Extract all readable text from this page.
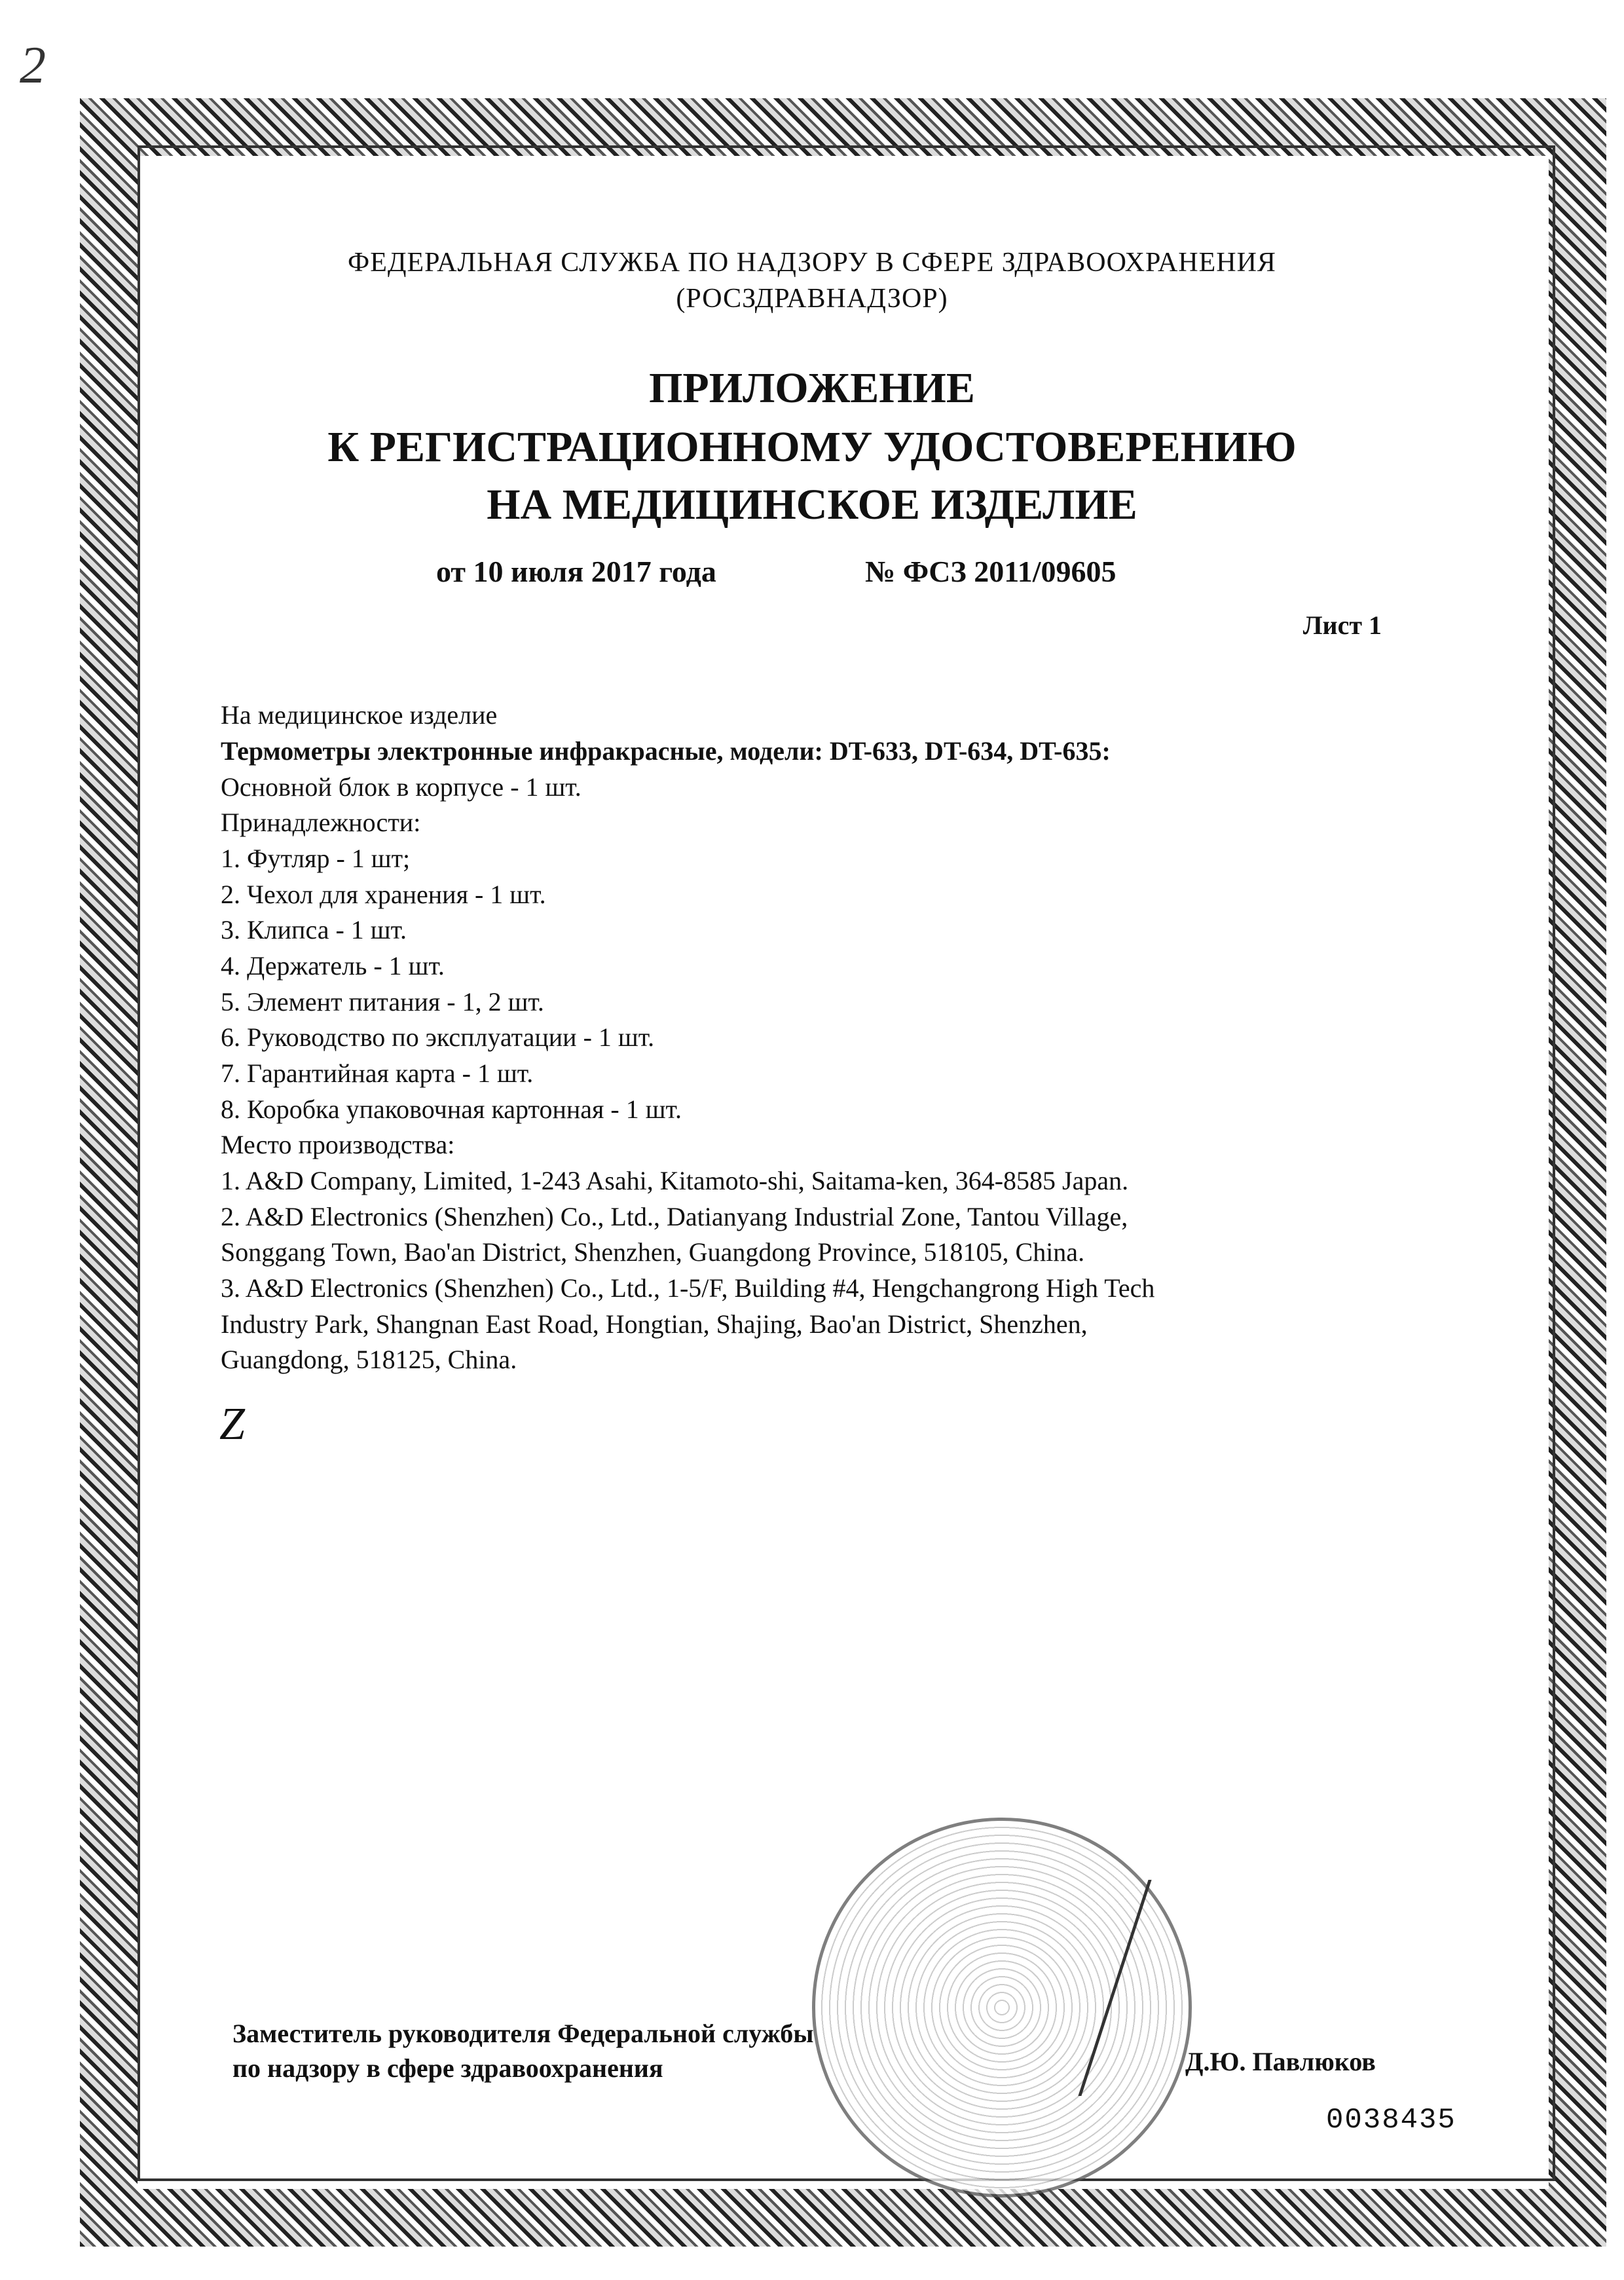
2
ФЕДЕРАЛЬНАЯ СЛУЖБА ПО НАДЗОРУ В СФЕРЕ ЗДРАВООХРАНЕНИЯ
(РОСЗДРАВНАДЗОР)
ПРИЛОЖЕНИЕ
К РЕГИСТРАЦИОННОМУ УДОСТОВЕРЕНИЮ
НА МЕДИЦИНСКОЕ ИЗДЕЛИЕ
от 10 июля 2017 года	№ ФСЗ 2011/09605
Лист 1
На медицинское изделие
Термометры электронные инфракрасные, модели: DT-633, DT-634, DT-635:
Основной блок в корпусе - 1 шт.
Принадлежности:
1. Футляр - 1 шт;
2. Чехол для хранения - 1 шт.
3. Клипса - 1 шт.
4. Держатель - 1 шт.
5. Элемент питания - 1, 2 шт.
6. Руководство по эксплуатации - 1 шт.
7. Гарантийная карта - 1 шт.
8. Коробка упаковочная картонная - 1 шт.
Место производства:
1. A&D Company, Limited, 1-243 Asahi, Kitamoto-shi, Saitama-ken, 364-8585 Japan.
2. A&D Electronics (Shenzhen) Co., Ltd., Datianyang Industrial Zone, Tantou Village,
Songgang Town, Bao'an District, Shenzhen, Guangdong Province, 518105, China.
3. A&D Electronics (Shenzhen) Co., Ltd., 1-5/F, Building #4, Hengchangrong High Tech
Industry Park, Shangnan East Road, Hongtian, Shajing, Bao'an District, Shenzhen,
Guangdong, 518125, China.
Z
Заместитель руководителя Федеральной службы
по надзору в сфере здравоохранения	Д.Ю. Павлюков
0038435
